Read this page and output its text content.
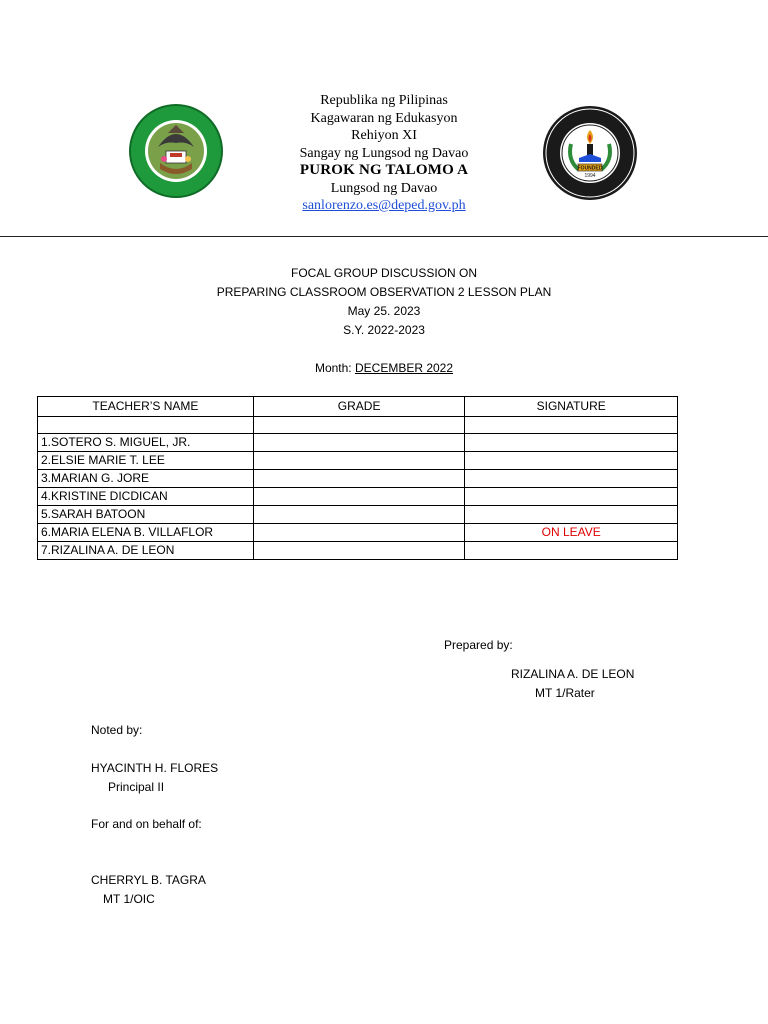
Republika ng Pilipinas
Kagawaran ng Edukasyon
Rehiyon XI
Sangay ng Lungsod ng Davao
PUROK NG TALOMO A
Lungsod ng Davao
sanlorenzo.es@deped.gov.ph
FOUNDED
1994
FOCAL GROUP DISCUSSION ON
PREPARING CLASSROOM OBSERVATION 2 LESSON PLAN
May 25. 2023
S.Y. 2022-2023
Month: DECEMBER 2022
TEACHER’S NAME	GRADE	SIGNATURE

1.SOTERO S. MIGUEL, JR.		
2.ELSIE MARIE T. LEE		
3.MARIAN G. JORE		
4.KRISTINE DICDICAN		
5.SARAH BATOON		
6.MARIA ELENA B. VILLAFLOR		ON LEAVE
7.RIZALINA A. DE LEON		
Prepared by:
RIZALINA A. DE LEON
MT 1/Rater
Noted by:
HYACINTH H. FLORES
Principal II
For and on behalf of:
CHERRYL B. TAGRA
MT 1/OIC
